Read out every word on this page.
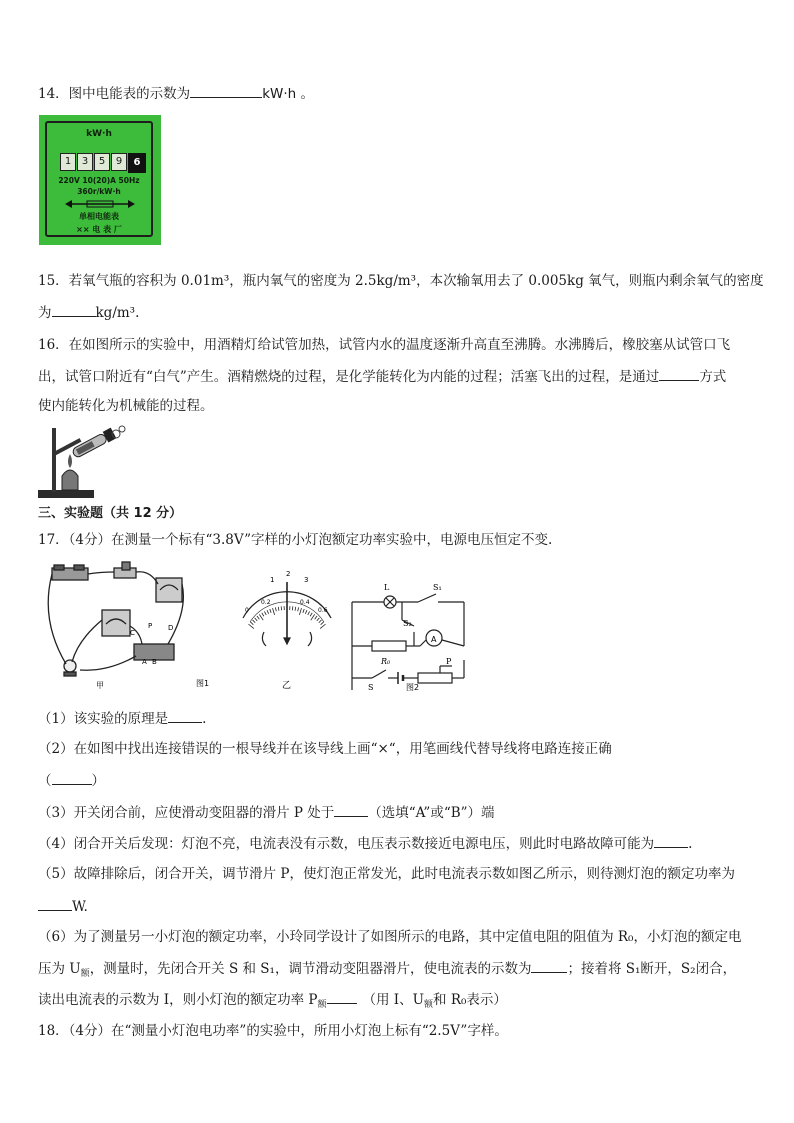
14．图中电能表的示数为	kW·h 。
kW·h
1	3	5	9	6
220V 10(20)A 50Hz
360r/kW·h
单相电能表
×× 电 表 厂
15．若氧气瓶的容积为 0.01m³，瓶内氧气的密度为 2.5kg/m³，本次输氧用去了 0.005kg 氧气，则瓶内剩余氧气的密度
为	kg/m³.
16．在如图所示的实验中，用酒精灯给试管加热，试管内水的温度逐渐升高直至沸腾。水沸腾后，橡胶塞从试管口飞
出，试管口附近有“白气”产生。酒精燃烧的过程，是化学能转化为内能的过程；活塞飞出的过程，是通过	方式
使内能转化为机械能的过程。
三、实验题（共 12 分）
17．（4分）在测量一个标有“3.8V”字样的小灯泡额定功率实验中，电源电压恒定不变.
C
P D
A B
甲	图1
1
2
3
0
0.2	0.4
0.6
乙
L	S₁
S₂
R₀
A
S
P
图2
（1）该实验的原理是	.
（2）在如图中找出连接错误的一根导线并在该导线上画“×“，用笔画线代替导线将电路连接正确
（	）
（3）开关闭合前，应使滑动变阻器的滑片 P 处于	（选填“A”或“B”）端
（4）闭合开关后发现：灯泡不亮，电流表没有示数，电压表示数接近电源电压，则此时电路故障可能为	.
（5）故障排除后，闭合开关，调节滑片 P，使灯泡正常发光，此时电流表示数如图乙所示，则待测灯泡的额定功率为
W.
（6）为了测量另一小灯泡的额定功率，小玲同学设计了如图所示的电路，其中定值电阻的阻值为 R₀，小灯泡的额定电
压为 $U_额$，测量时，先闭合开关 S 和 S₁，调节滑动变阻器滑片，使电流表的示数为	；接着将 S₁断开，S₂闭合，
读出电流表的示数为 I，则小灯泡的额定功率 $P_额$	（用 I、$U_额$和 R₀表示）
18．（4分）在“测量小灯泡电功率”的实验中，所用小灯泡上标有“2.5V”字样。
